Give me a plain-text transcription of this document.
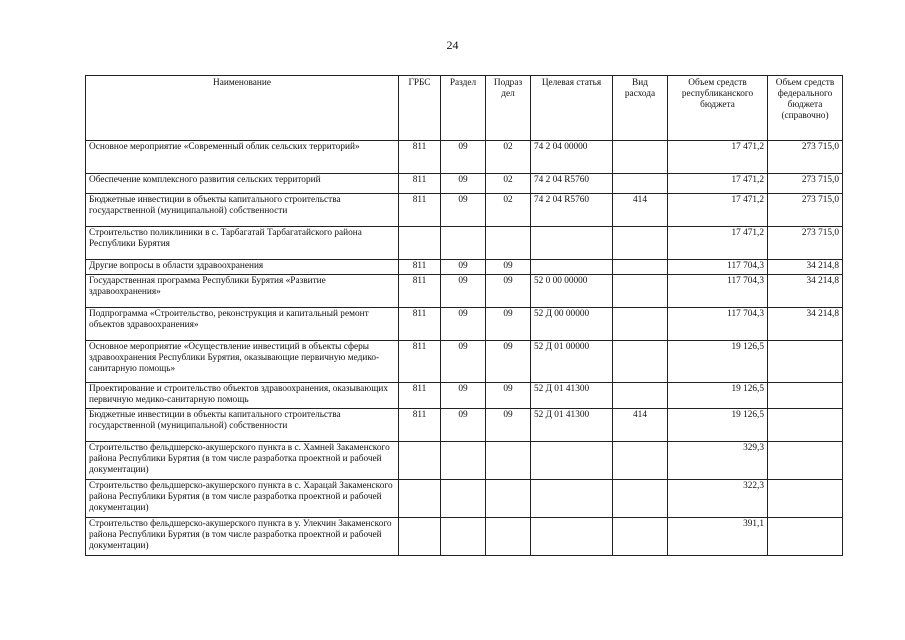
24
Наименование	ГРБС	Раздел	Подраз дел	Целевая статья	Вид расхода	Объем средств республиканского бюджета	Объем средств федерального бюджета (справочно)
Основное мероприятие «Современный облик сельских территорий»	811	09	02	74 2 04 00000		17 471,2	273 715,0
Обеспечение комплексного развития сельских территорий	811	09	02	74 2 04 R5760		17 471,2	273 715,0
Бюджетные инвестиции в объекты капитального строительства государственной (муниципальной) собственности	811	09	02	74 2 04 R5760	414	17 471,2	273 715,0
Строительство поликлиники в с. Тарбагатай Тарбагатайского района Республики Бурятия						17 471,2	273 715,0
Другие вопросы в области здравоохранения	811	09	09			117 704,3	34 214,8
Государственная программа Республики Бурятия «Развитие здравоохранения»	811	09	09	52 0 00 00000		117 704,3	34 214,8
Подпрограмма «Строительство, реконструкция и капитальный ремонт объектов здравоохранения»	811	09	09	52 Д 00 00000		117 704,3	34 214,8
Основное мероприятие «Осуществление инвестиций в объекты сферы здравоохранения Республики Бурятия, оказывающие первичную медико-санитарную помощь»	811	09	09	52 Д 01 00000		19 126,5	
Проектирование и строительство объектов здравоохранения, оказывающих первичную медико-санитарную помощь	811	09	09	52 Д 01 41300		19 126,5	
Бюджетные инвестиции в объекты капитального строительства государственной (муниципальной) собственности	811	09	09	52 Д 01 41300	414	19 126,5	
Строительство фельдшерско-акушерского пункта в с. Хамней Закаменского района Республики Бурятия (в том числе разработка проектной и рабочей документации)						329,3	
Строительство фельдшерско-акушерского пункта в с. Харацай Закаменского района Республики Бурятия (в том числе разработка проектной и рабочей документации)						322,3	
Строительство фельдшерско-акушерского пункта в у. Улекчин Закаменского района Республики Бурятия (в том числе разработка проектной и рабочей документации)						391,1	
